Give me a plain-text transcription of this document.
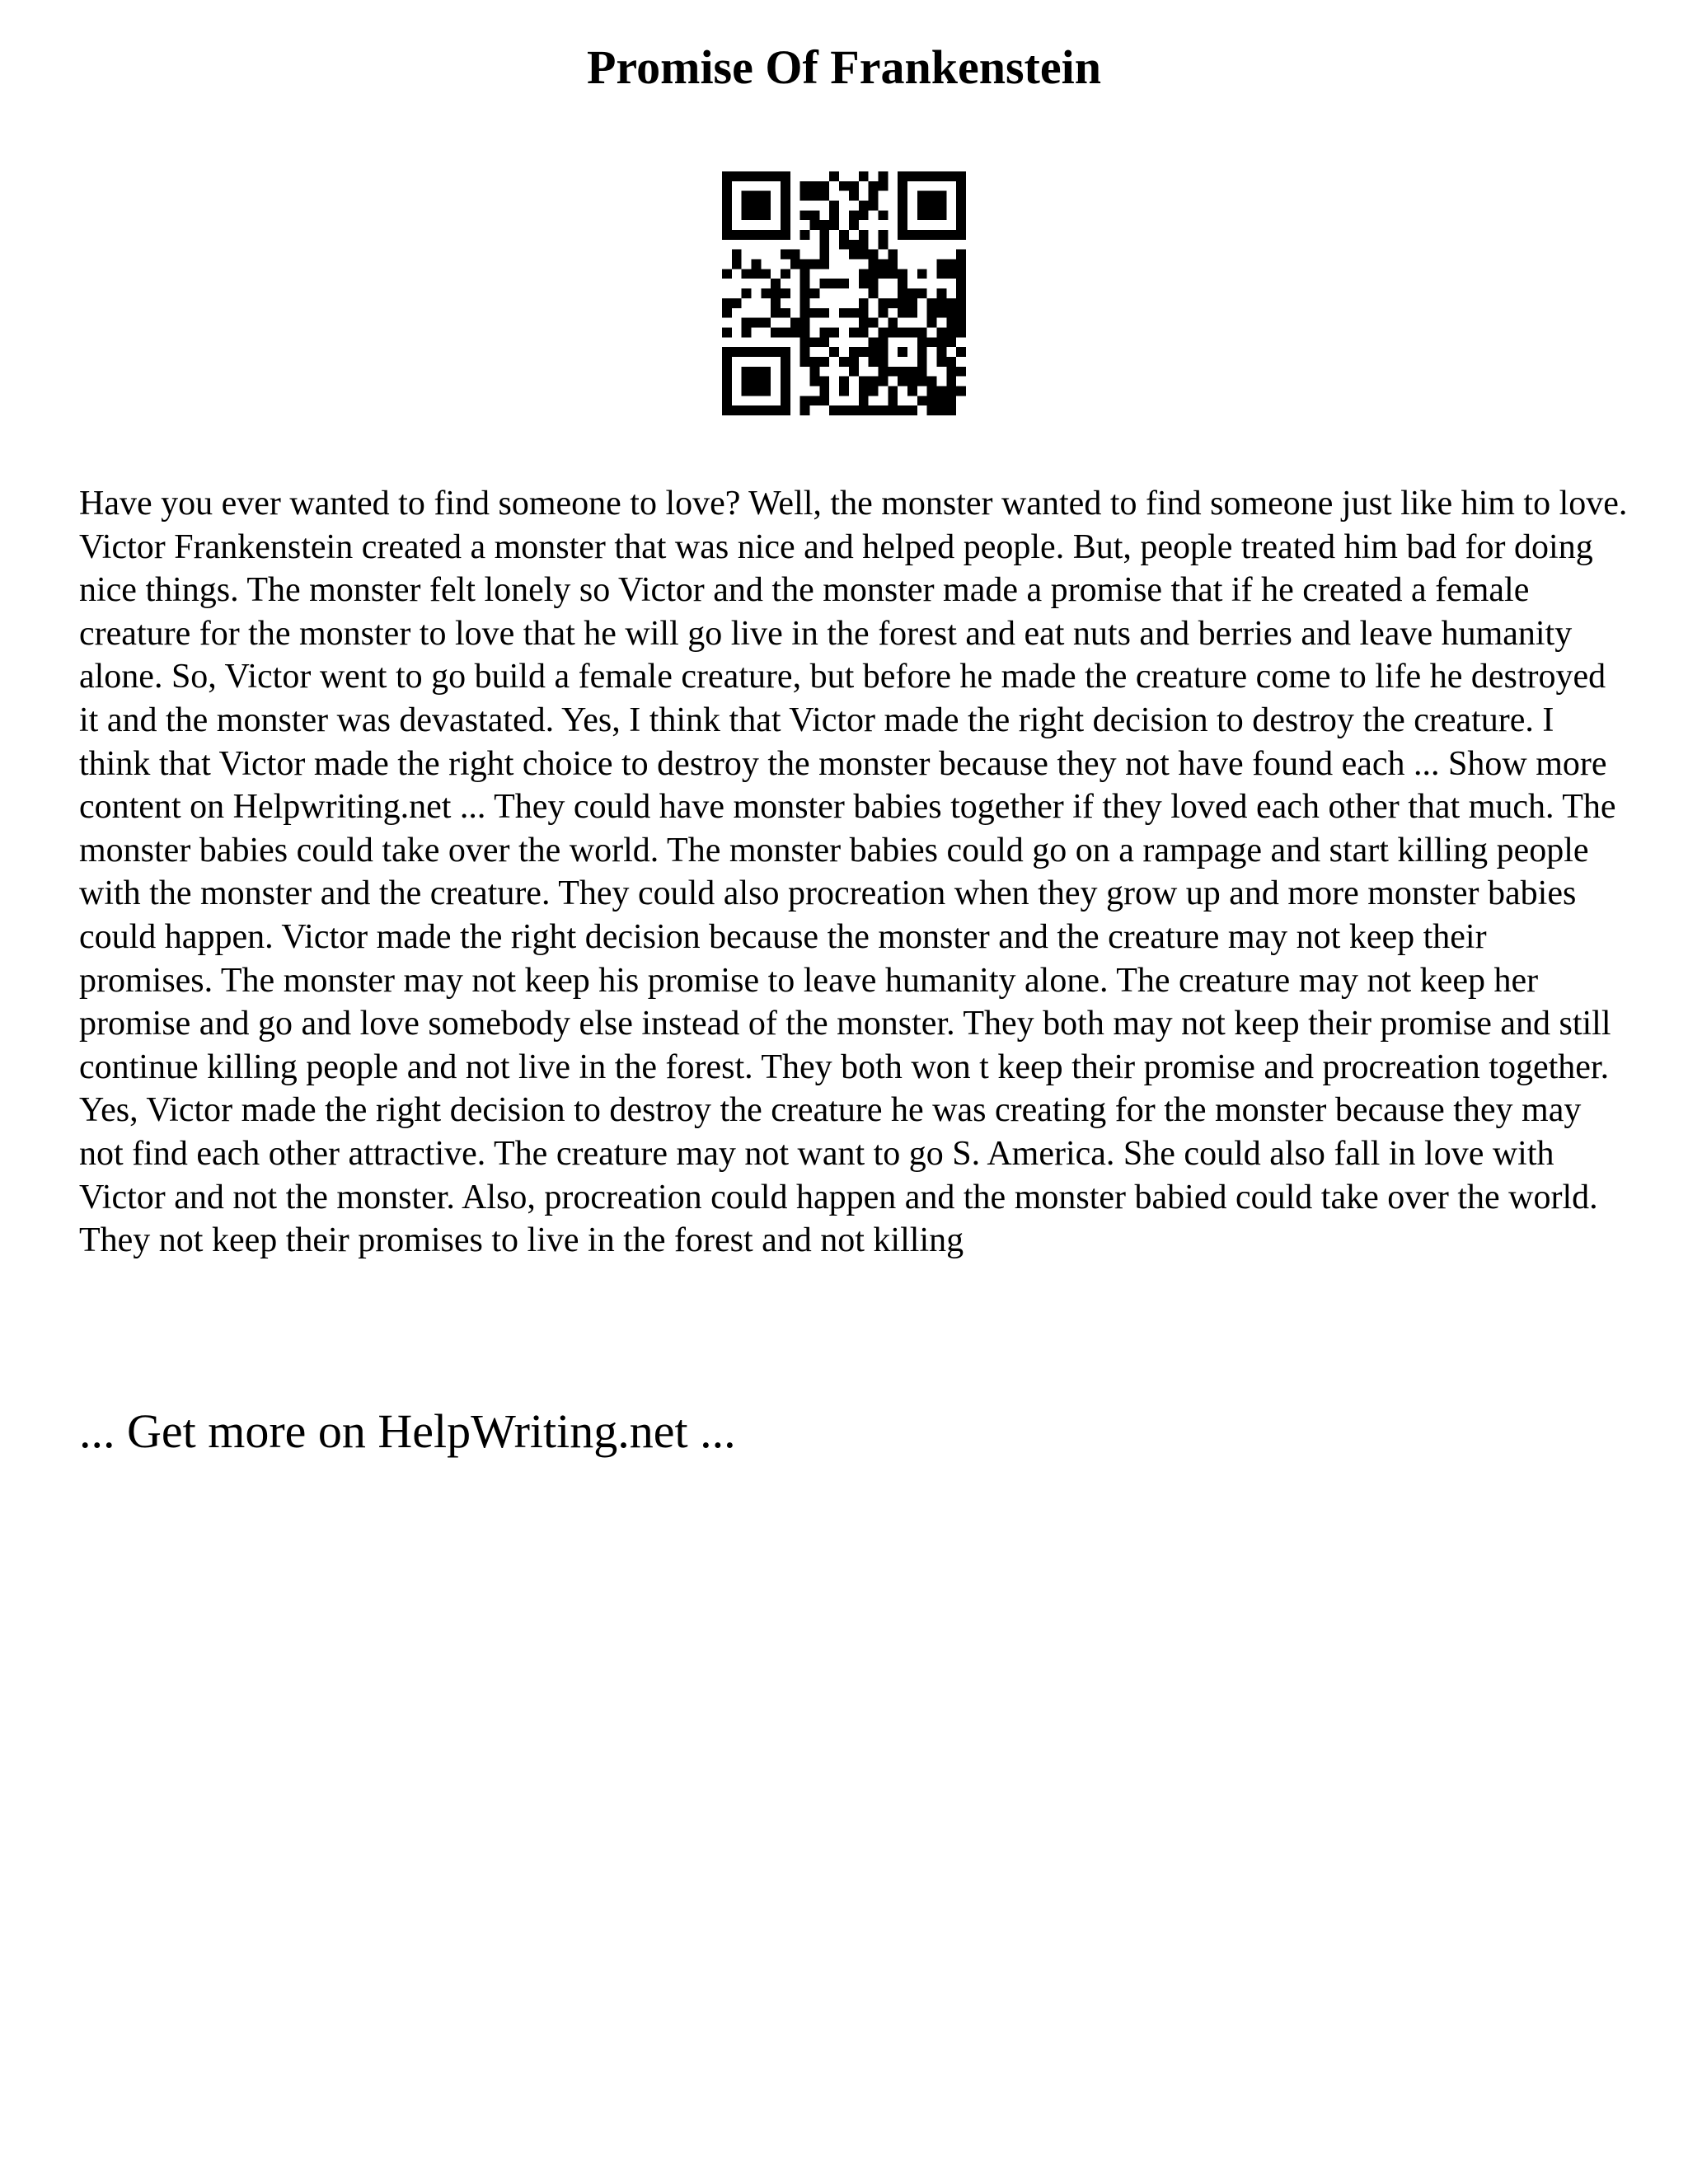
Promise Of Frankenstein

Have you ever wanted to find someone to love? Well, the monster wanted to find someone just like him to love. Victor Frankenstein created a monster that was nice and helped people. But, people treated him bad for doing nice things. The monster felt lonely so Victor and the monster made a promise that if he created a female creature for the monster to love that he will go live in the forest and eat nuts and berries and leave humanity alone. So, Victor went to go build a female creature, but before he made the creature come to life he destroyed it and the monster was devastated. Yes, I think that Victor made the right decision to destroy the creature. I think that Victor made the right choice to destroy the monster because they not have found each ... Show more content on Helpwriting.net ... They could have monster babies together if they loved each other that much. The monster babies could take over the world. The monster babies could go on a rampage and start killing people with the monster and the creature. They could also procreation when they grow up and more monster babies could happen. Victor made the right decision because the monster and the creature may not keep their promises. The monster may not keep his promise to leave humanity alone. The creature may not keep her promise and go and love somebody else instead of the monster. They both may not keep their promise and still continue killing people and not live in the forest. They both won t keep their promise and procreation together. Yes, Victor made the right decision to destroy the creature he was creating for the monster because they may not find each other attractive. The creature may not want to go S. America. She could also fall in love with Victor and not the monster. Also, procreation could happen and the monster babied could take over the world. They not keep their promises to live in the forest and not killing

... Get more on HelpWriting.net ...
